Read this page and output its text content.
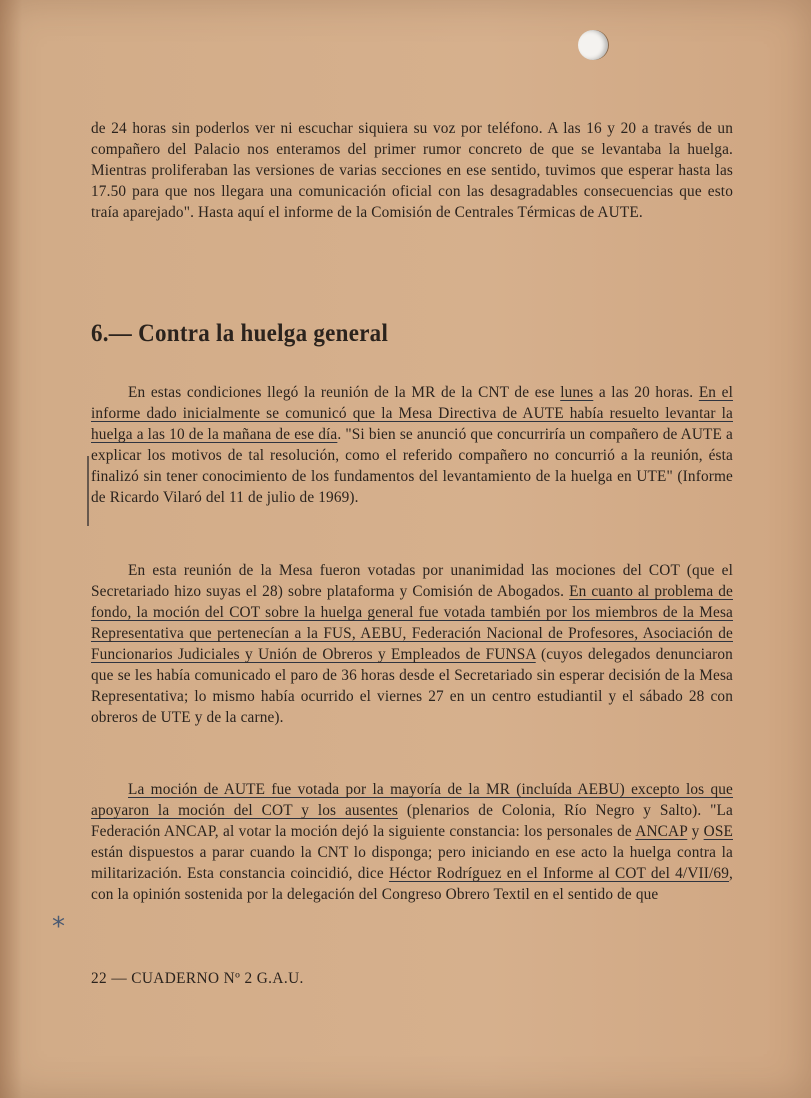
de 24 horas sin poderlos ver ni escuchar siquiera su voz por teléfono. A las 16 y 20 a través de un compañero del Palacio nos enteramos del primer rumor concreto de que se levantaba la huelga. Mientras proliferaban las versiones de varias secciones en ese sentido, tuvimos que esperar hasta las 17.50 para que nos llegara una comunicación oficial con las desagradables consecuencias que esto traía aparejado". Hasta aquí el informe de la Comisión de Centrales Térmicas de AUTE.

6.— Contra la huelga general

En estas condiciones llegó la reunión de la MR de la CNT de ese lunes a las 20 horas. En el informe dado inicialmente se comunicó que la Mesa Directiva de AUTE había resuelto levantar la huelga a las 10 de la mañana de ese día. "Si bien se anunció que concurriría un compañero de AUTE a explicar los motivos de tal resolución, como el referido compañero no concurrió a la reunión, ésta finalizó sin tener conocimiento de los fundamentos del levantamiento de la huelga en UTE" (Informe de Ricardo Vilaró del 11 de julio de 1969).

En esta reunión de la Mesa fueron votadas por unanimidad las mociones del COT (que el Secretariado hizo suyas el 28) sobre plataforma y Comisión de Abogados. En cuanto al problema de fondo, la moción del COT sobre la huelga general fue votada también por los miembros de la Mesa Representativa que pertenecían a la FUS, AEBU, Federación Nacional de Profesores, Asociación de Funcionarios Judiciales y Unión de Obreros y Empleados de FUNSA (cuyos delegados denunciaron que se les había comunicado el paro de 36 horas desde el Secretariado sin esperar decisión de la Mesa Representativa; lo mismo había ocurrido el viernes 27 en un centro estudiantil y el sábado 28 con obreros de UTE y de la carne).

La moción de AUTE fue votada por la mayoría de la MR (incluída AEBU) excepto los que apoyaron la moción del COT y los ausentes (plenarios de Colonia, Río Negro y Salto). "La Federación ANCAP, al votar la moción dejó la siguiente constancia: los personales de ANCAP y OSE están dispuestos a parar cuando la CNT lo disponga; pero iniciando en ese acto la huelga contra la militarización. Esta constancia coincidió, dice Héctor Rodríguez en el Informe al COT del 4/VII/69, con la opinión sostenida por la delegación del Congreso Obrero Textil en el sentido de que

*
22 — CUADERNO Nº 2 G.A.U.
